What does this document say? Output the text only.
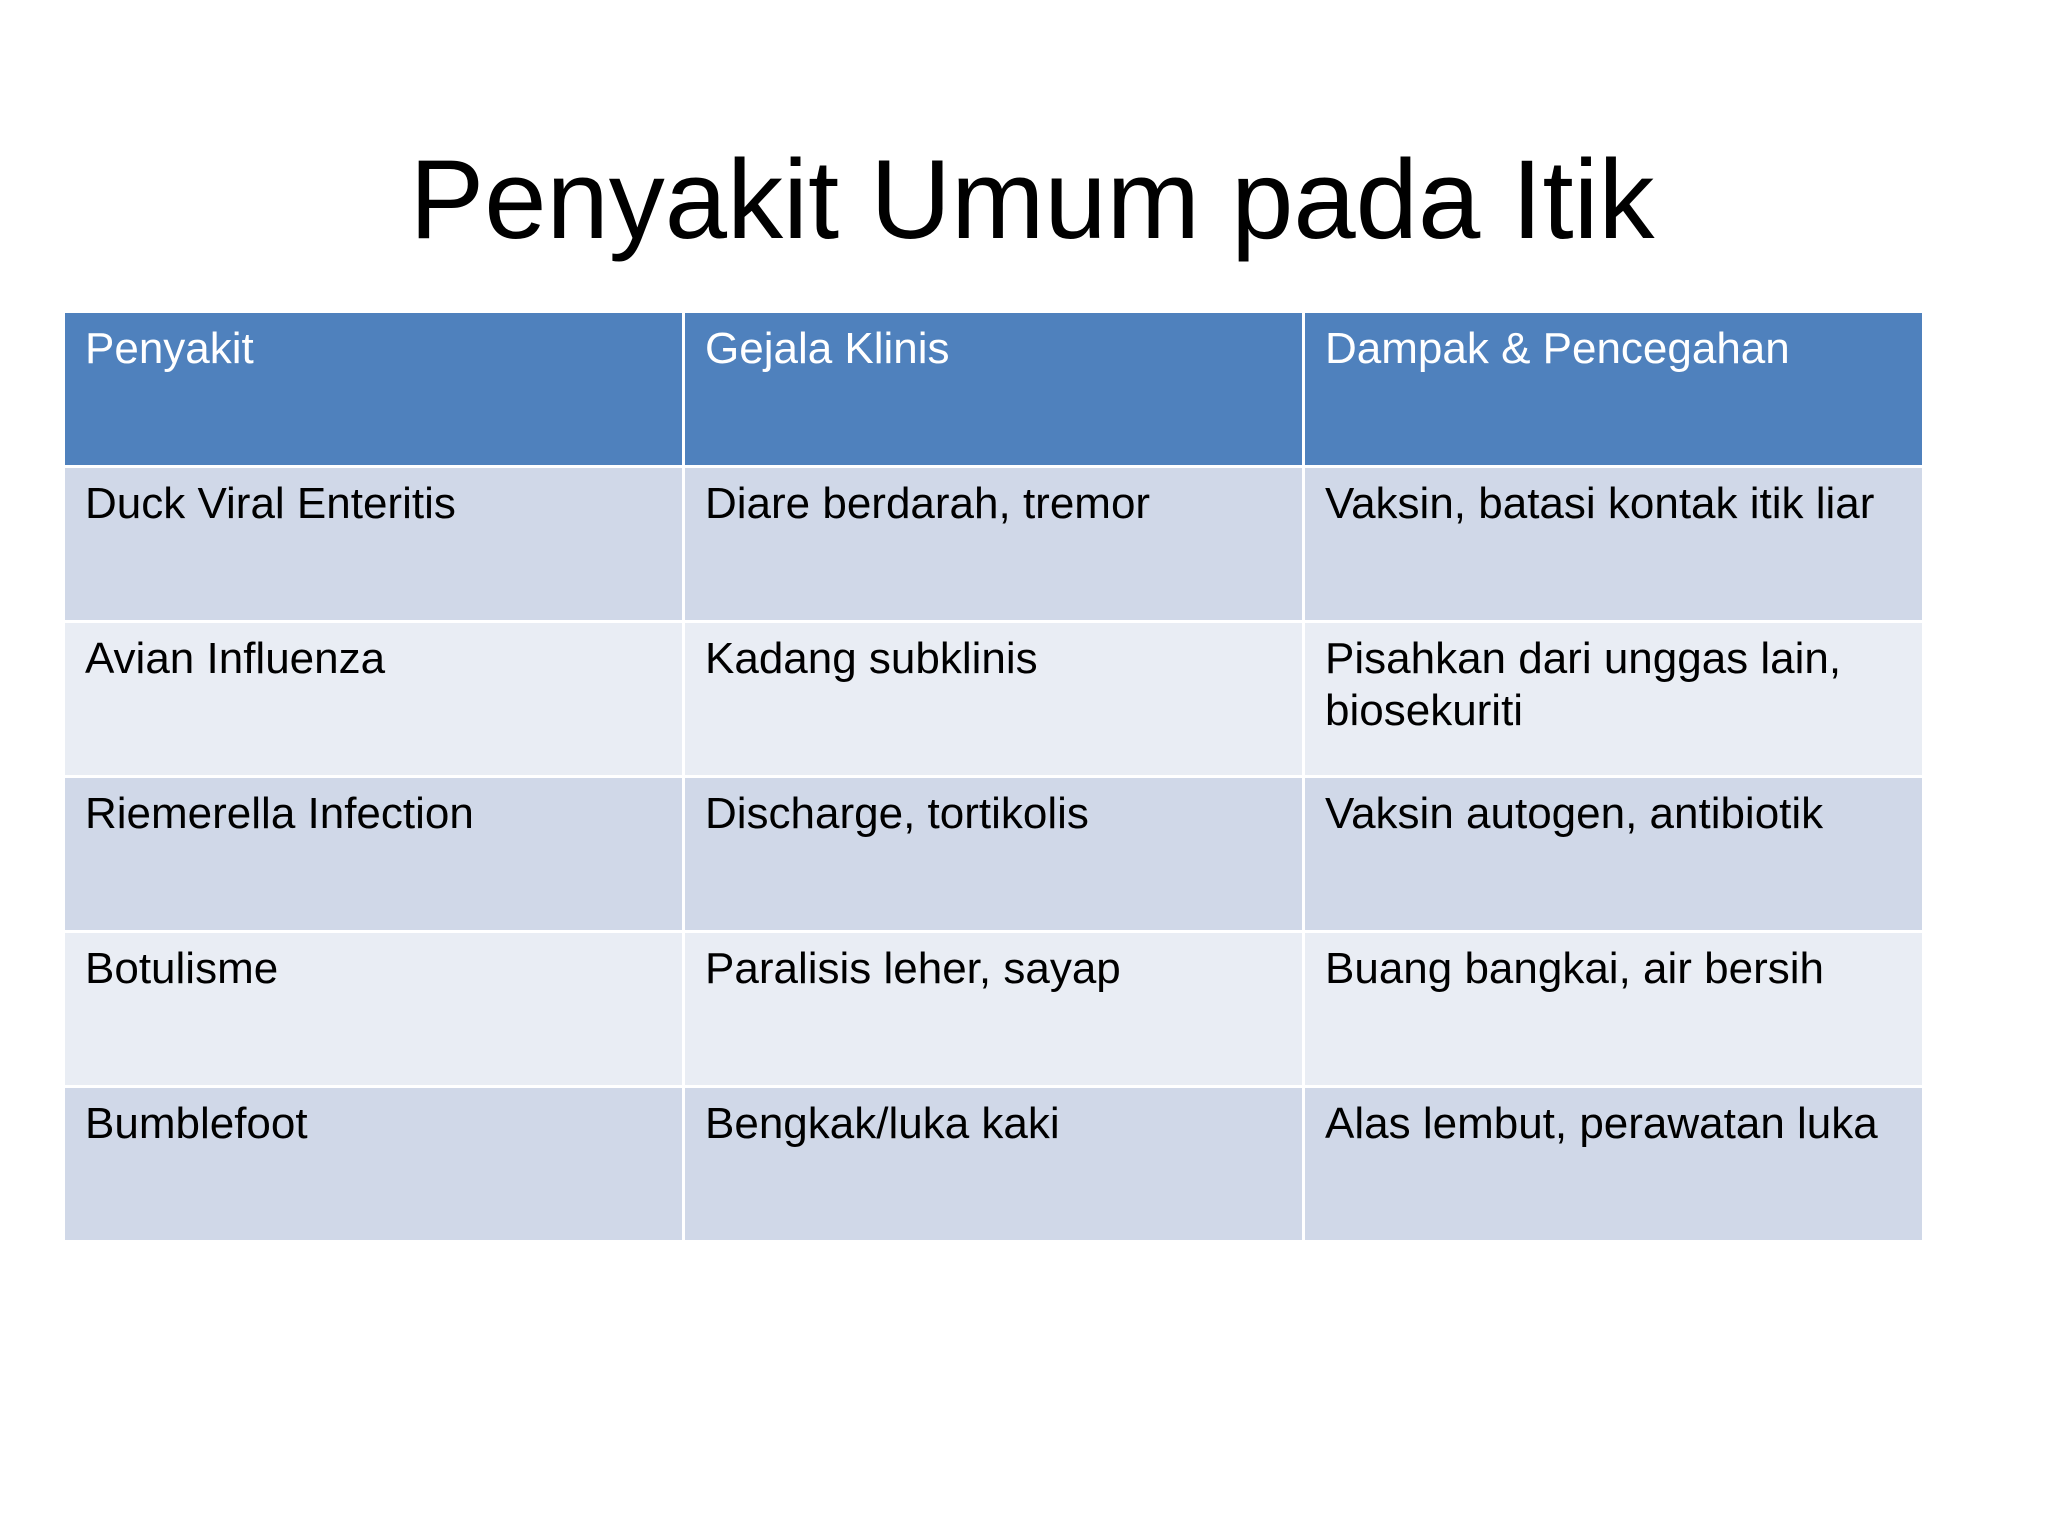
Penyakit Umum pada Itik
Penyakit	Gejala Klinis	Dampak & Pencegahan
Duck Viral Enteritis	Diare berdarah, tremor	Vaksin, batasi kontak itik liar
Avian Influenza	Kadang subklinis	Pisahkan dari unggas lain, biosekuriti
Riemerella Infection	Discharge, tortikolis	Vaksin autogen, antibiotik
Botulisme	Paralisis leher, sayap	Buang bangkai, air bersih
Bumblefoot	Bengkak/luka kaki	Alas lembut, perawatan luka
